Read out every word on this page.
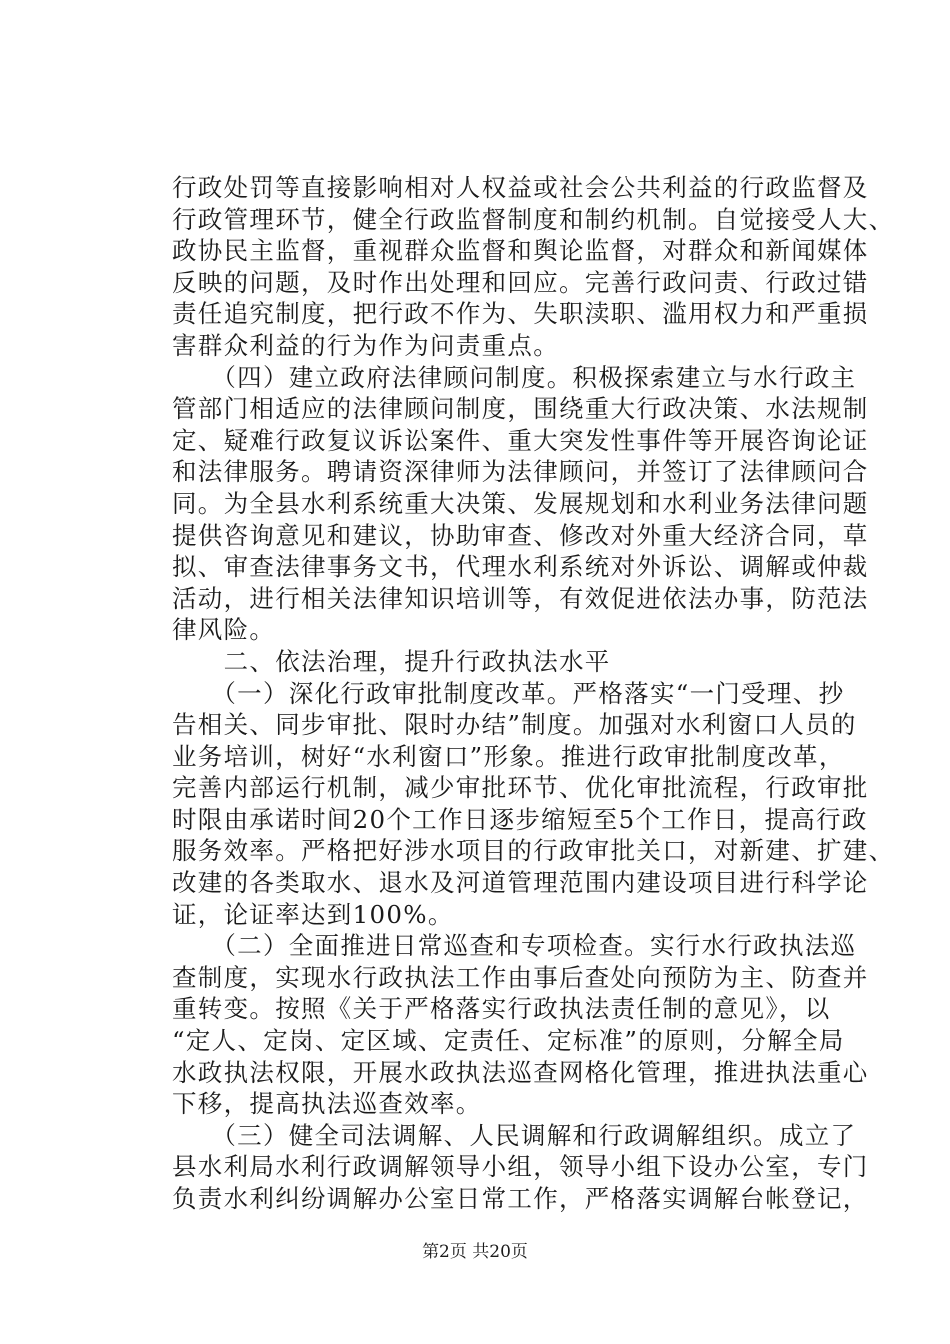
行政处罚等直接影响相对人权益或社会公共利益的行政监督及
行政管理环节，健全行政监督制度和制约机制。自觉接受人大、
政协民主监督，重视群众监督和舆论监督，对群众和新闻媒体
反映的问题，及时作出处理和回应。完善行政问责、行政过错
责任追究制度，把行政不作为、失职渎职、滥用权力和严重损
害群众利益的行为作为问责重点。
　　（四）建立政府法律顾问制度。积极探索建立与水行政主
管部门相适应的法律顾问制度，围绕重大行政决策、水法规制
定、疑难行政复议诉讼案件、重大突发性事件等开展咨询论证
和法律服务。聘请资深律师为法律顾问，并签订了法律顾问合
同。为全县水利系统重大决策、发展规划和水利业务法律问题
提供咨询意见和建议，协助审查、修改对外重大经济合同，草
拟、审查法律事务文书，代理水利系统对外诉讼、调解或仲裁
活动，进行相关法律知识培训等，有效促进依法办事，防范法
律风险。
　　二、依法治理，提升行政执法水平
　　（一）深化行政审批制度改革。严格落实“一门受理、抄
告相关、同步审批、限时办结”制度。加强对水利窗口人员的
业务培训，树好“水利窗口”形象。推进行政审批制度改革，
完善内部运行机制，减少审批环节、优化审批流程，行政审批
时限由承诺时间20个工作日逐步缩短至5个工作日，提高行政
服务效率。严格把好涉水项目的行政审批关口，对新建、扩建、
改建的各类取水、退水及河道管理范围内建设项目进行科学论
证，论证率达到100%。
　　（二）全面推进日常巡查和专项检查。实行水行政执法巡
查制度，实现水行政执法工作由事后查处向预防为主、防查并
重转变。按照《关于严格落实行政执法责任制的意见》，以
“定人、定岗、定区域、定责任、定标准”的原则，分解全局
水政执法权限，开展水政执法巡查网格化管理，推进执法重心
下移，提高执法巡查效率。
　　（三）健全司法调解、人民调解和行政调解组织。成立了
县水利局水利行政调解领导小组，领导小组下设办公室，专门
负责水利纠纷调解办公室日常工作，严格落实调解台帐登记，
第2页 共20页
